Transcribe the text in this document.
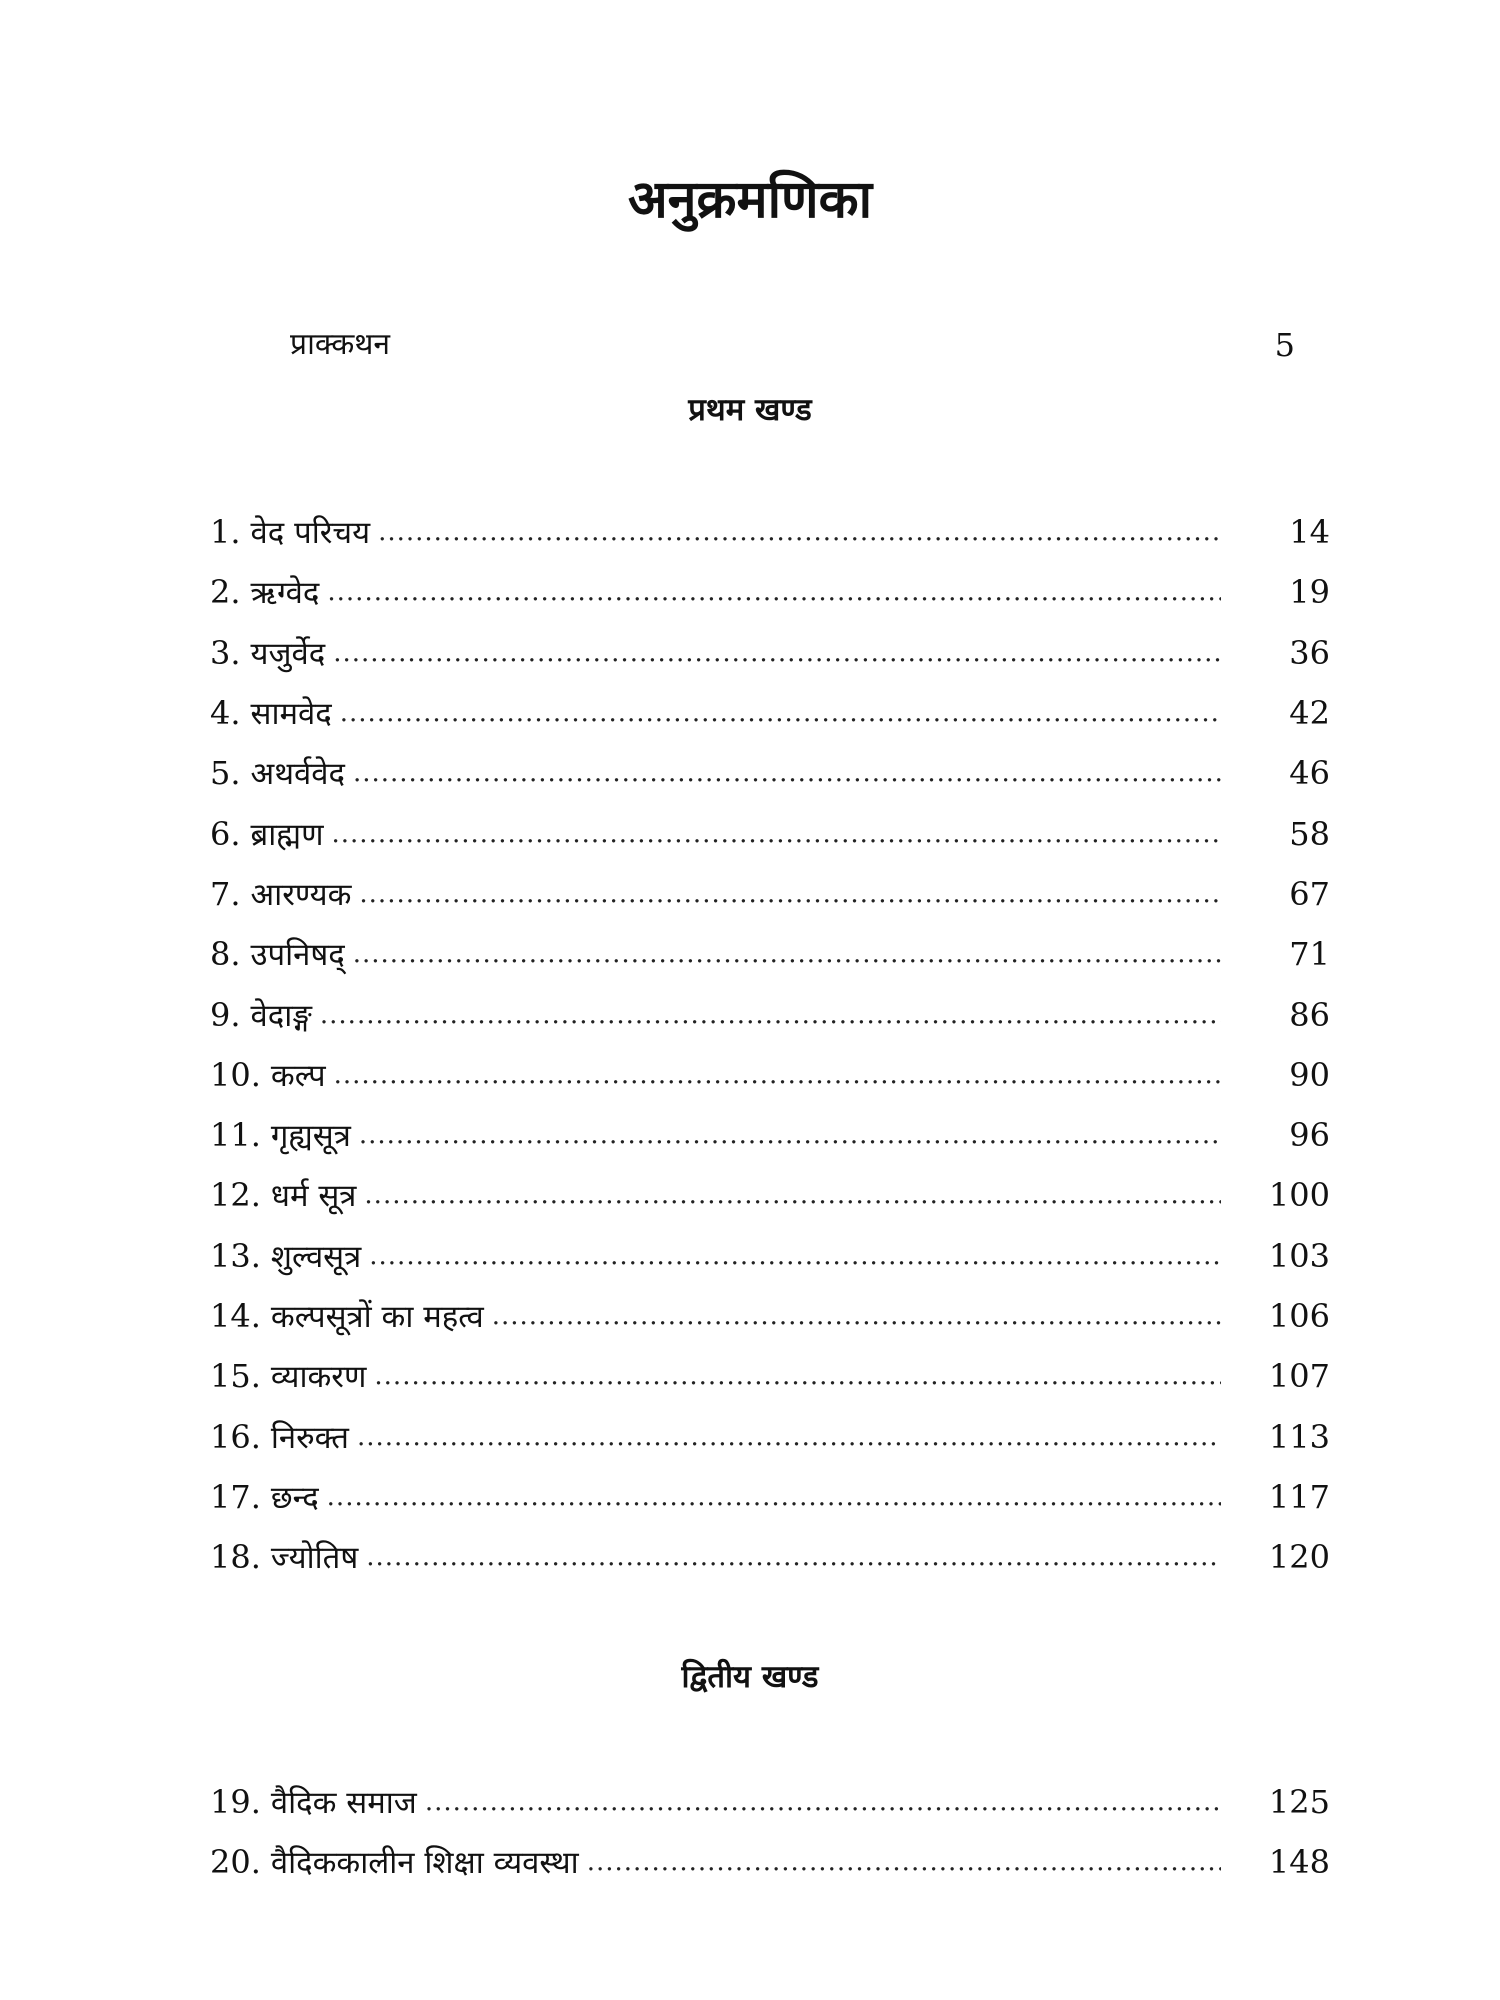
अनुक्रमणिका
प्राक्कथन	5
प्रथम खण्ड
1. वेद परिचय .....	14
2. ऋग्वेद .....	19
3. यजुर्वेद .....	36
4. सामवेद .....	42
5. अथर्ववेद .....	46
6. ब्राह्मण .....	58
7. आरण्यक .....	67
8. उपनिषद् .....	71
9. वेदाङ्ग .....	86
10. कल्प .....	90
11. गृह्यसूत्र .....	96
12. धर्म सूत्र .....	100
13. शुल्वसूत्र .....	103
14. कल्पसूत्रों का महत्व .....	106
15. व्याकरण .....	107
16. निरुक्त .....	113
17. छन्द .....	117
18. ज्योतिष .....	120
द्वितीय खण्ड
19. वैदिक समाज .....	125
20. वैदिककालीन शिक्षा व्यवस्था .....	148
